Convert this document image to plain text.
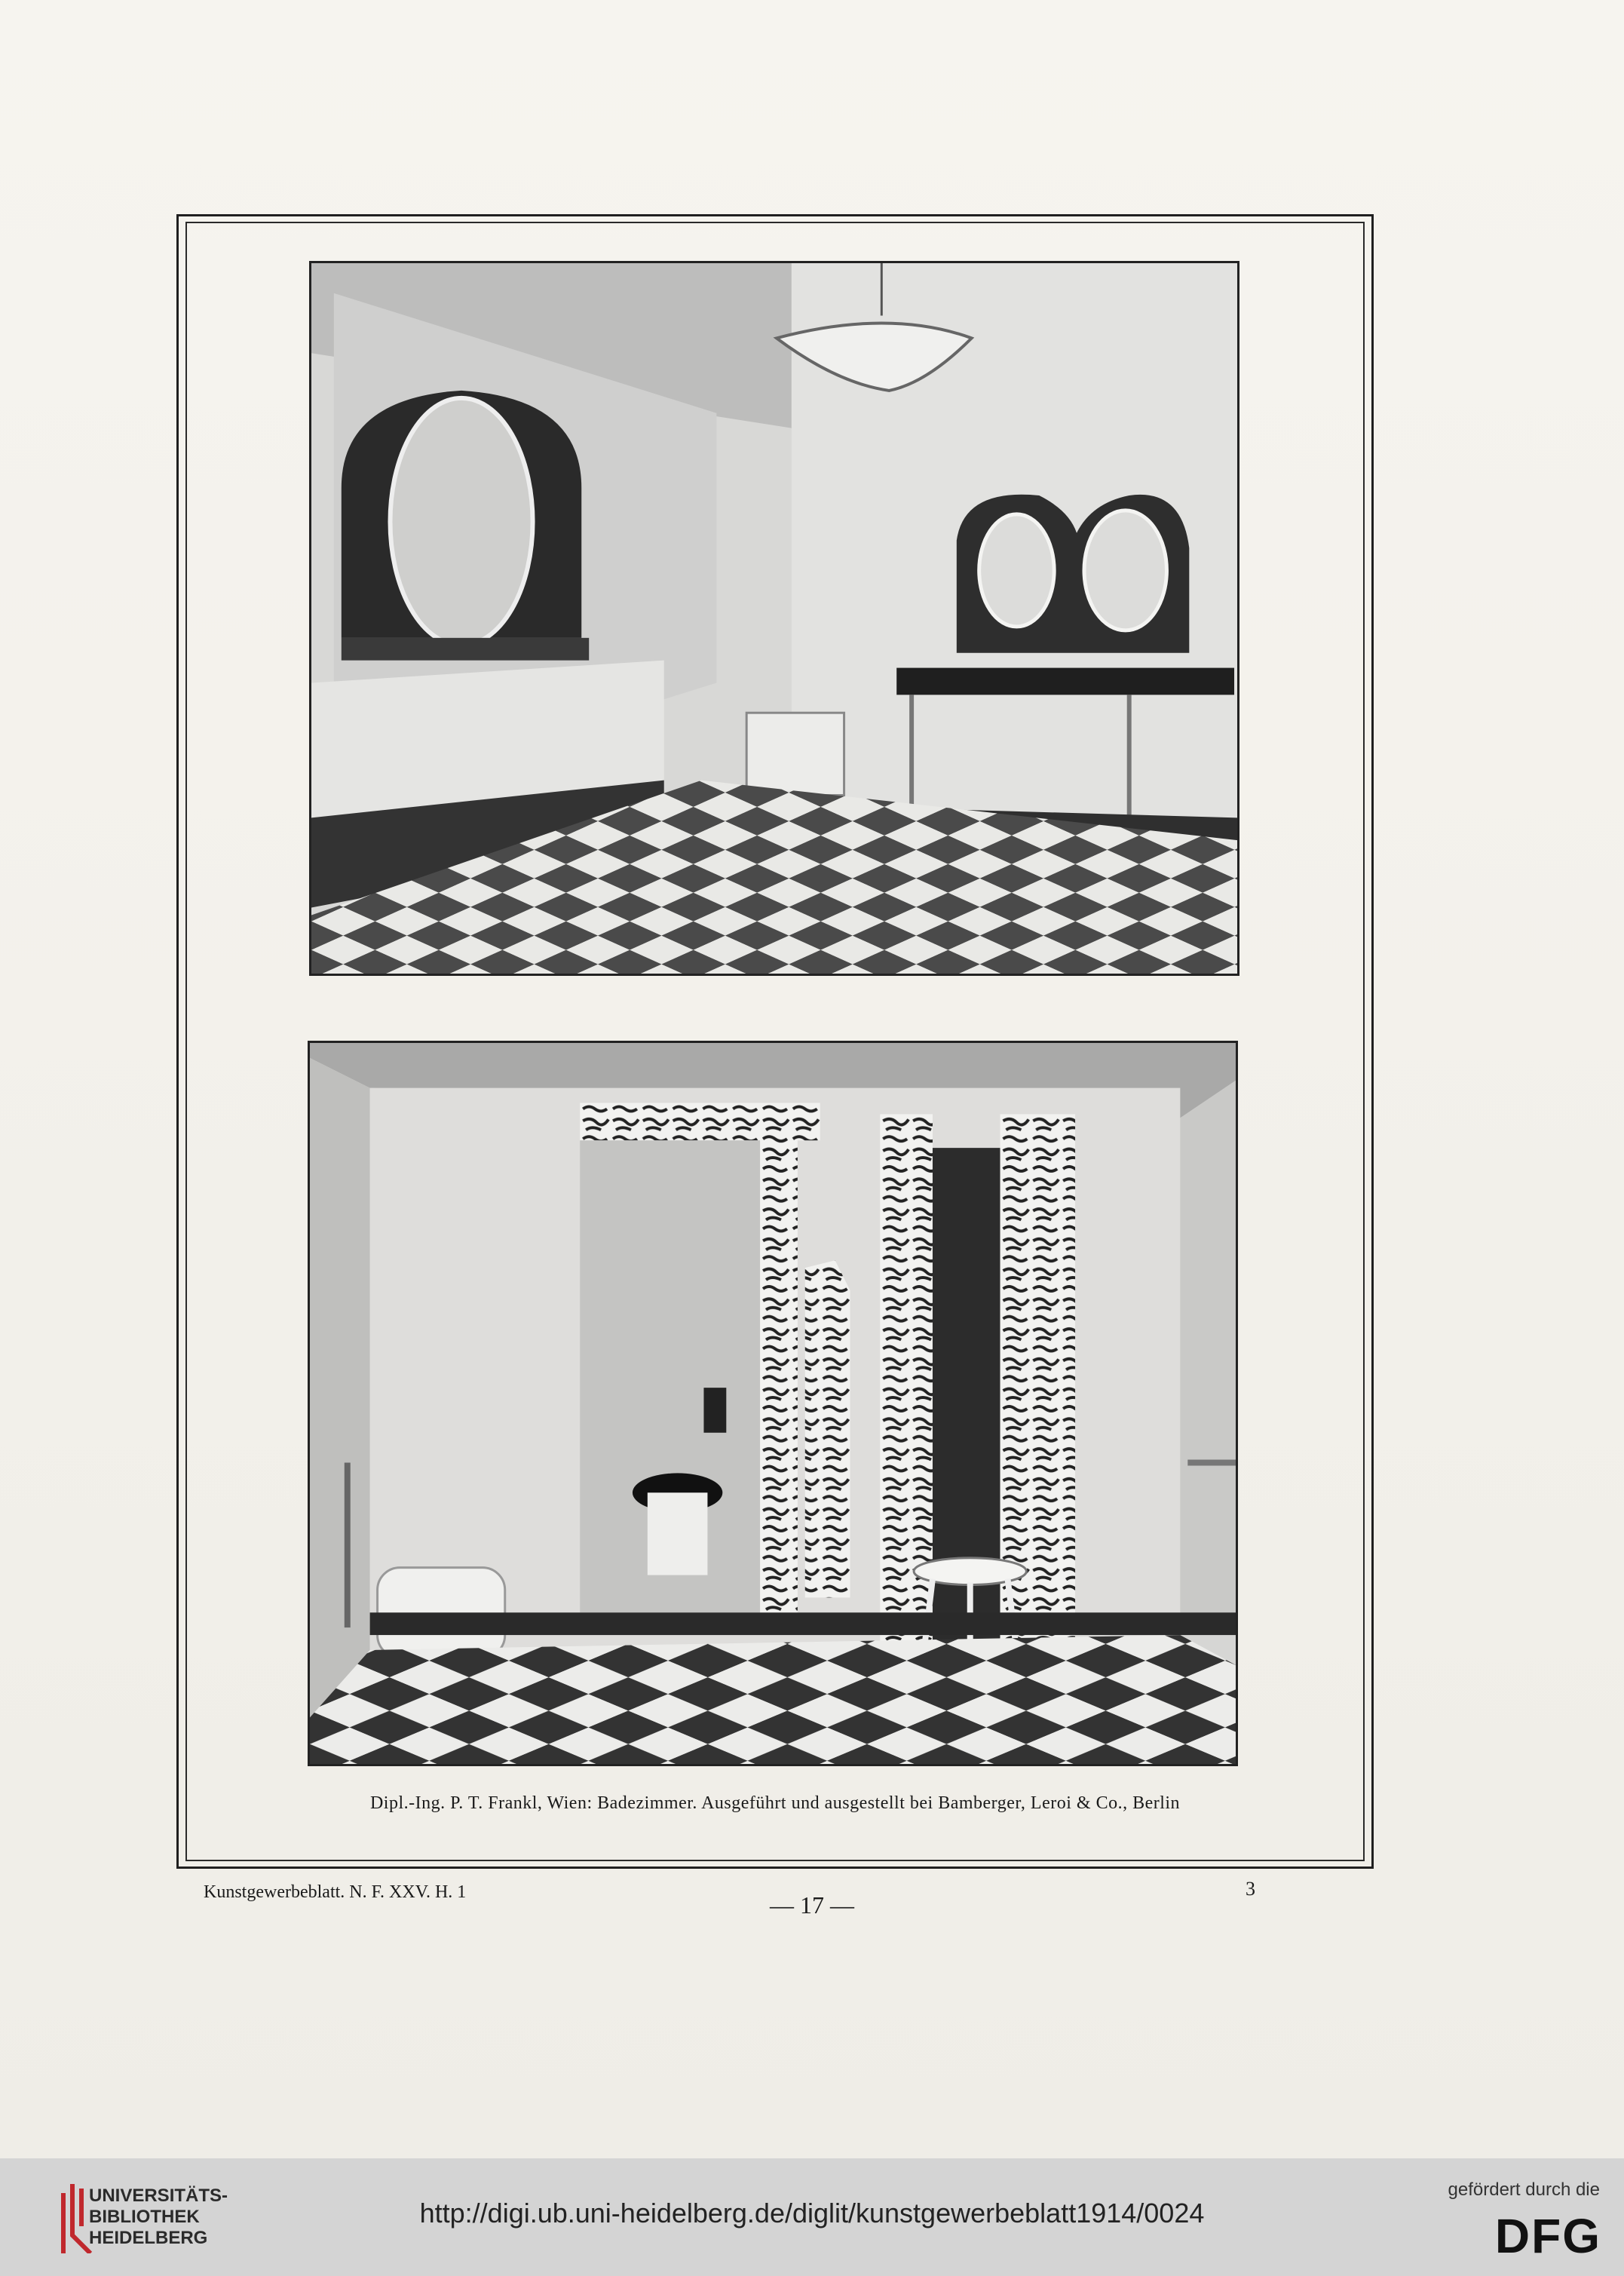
Dipl.-Ing. P. T. Frankl, Wien: Badezimmer. Ausgeführt und ausgestellt bei Bamberger, Leroi & Co., Berlin
Kunstgewerbeblatt. N. F. XXV. H. 1	— 17 —
3
UNIVERSITÄTS-
BIBLIOTHEK
HEIDELBERG
http://digi.ub.uni-heidelberg.de/diglit/kunstgewerbeblatt1914/0024
gefördert durch die
DFG
